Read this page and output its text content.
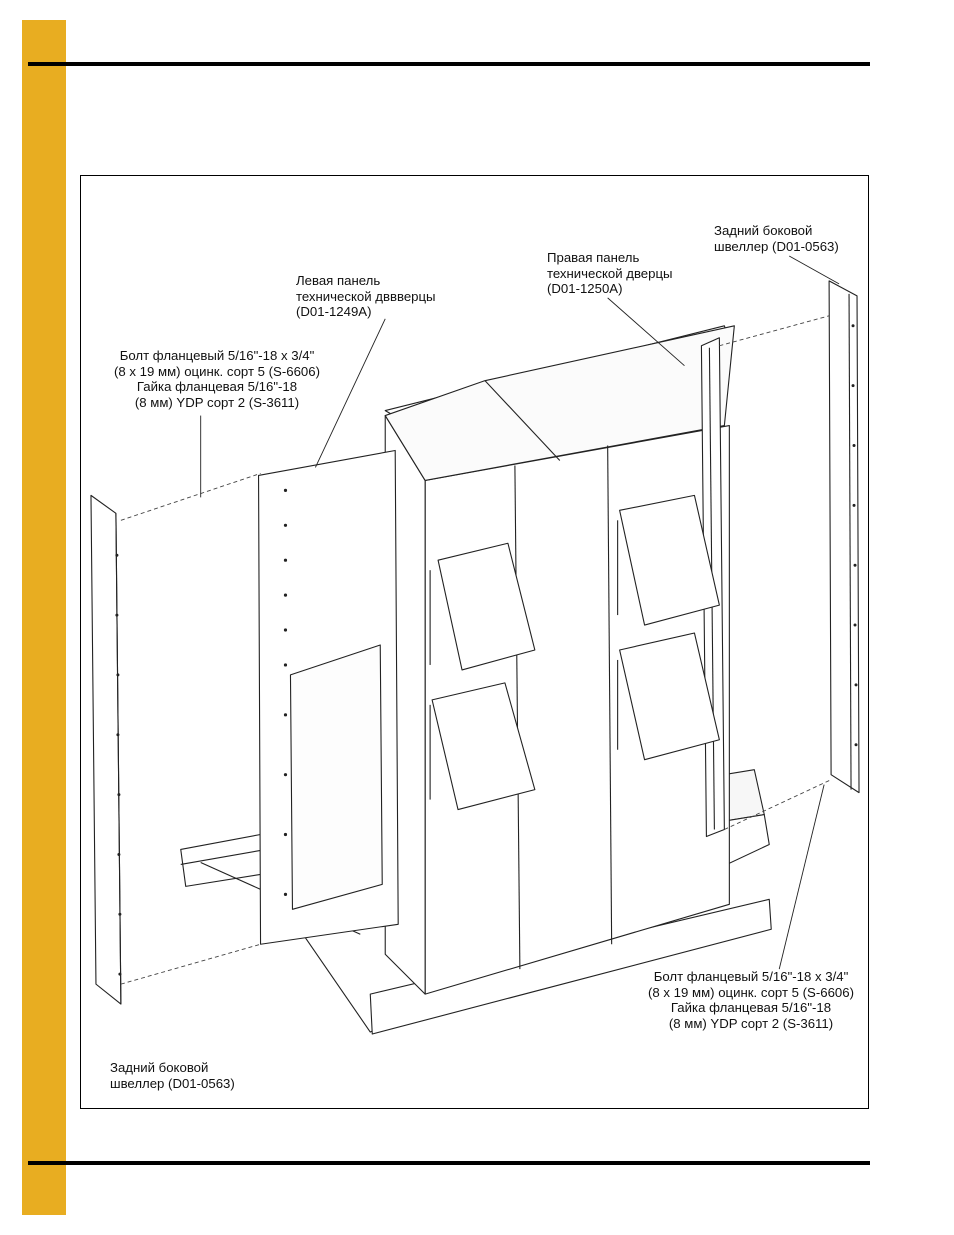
Левая панель
технической дввверцы
(D01-1249A)
Правая панель
технической дверцы
(D01-1250A)
Задний боковой
швеллер (D01-0563)
Болт фланцевый 5/16"-18 x 3/4"
(8 x 19 мм) оцинк. сорт 5 (S-6606)
Гайка фланцевая 5/16"-18
(8 мм) YDP сорт 2 (S-3611)
Болт фланцевый 5/16"-18 x 3/4"
(8 x 19 мм) оцинк. сорт 5 (S-6606)
Гайка фланцевая 5/16"-18
(8 мм) YDP сорт 2 (S-3611)
Задний боковой
швеллер (D01-0563)
